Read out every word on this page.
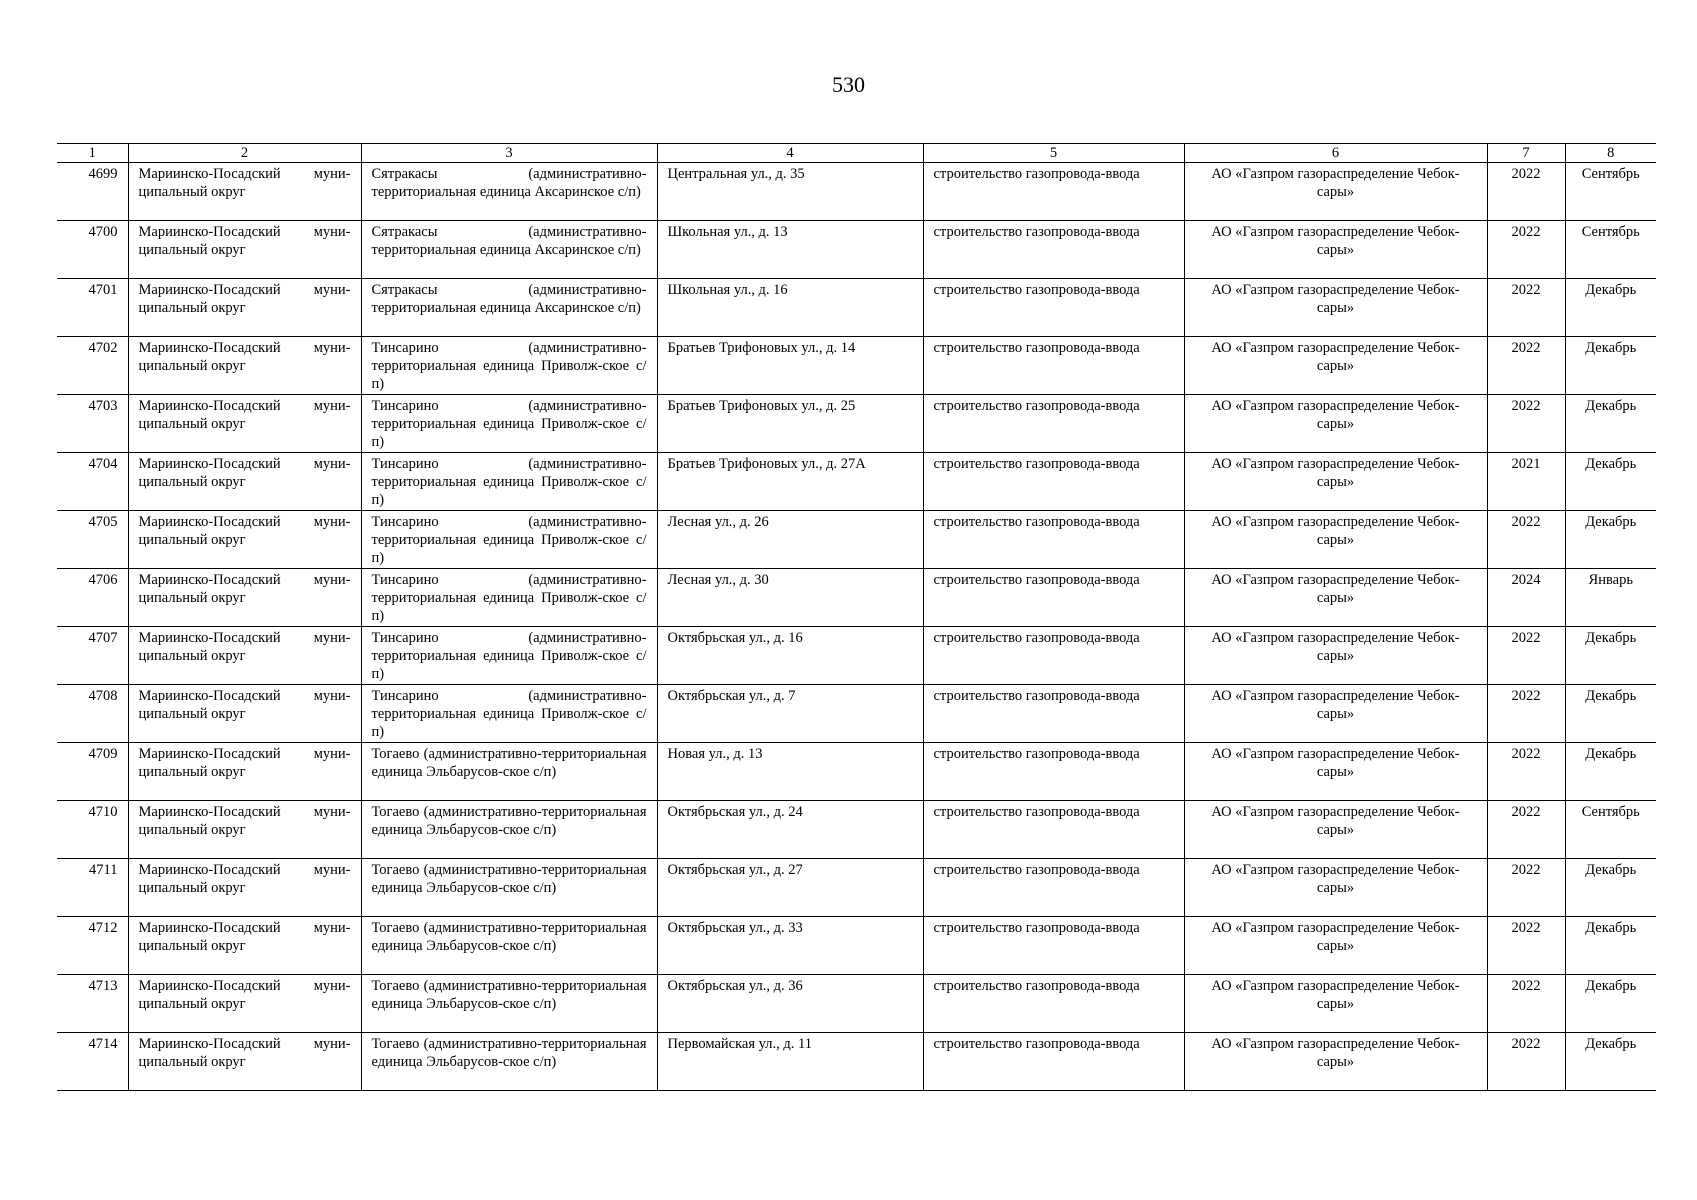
530
1	2	3	4	5	6	7	8
4699	Мариинско-Посадский муни-ципальный округ	Сятракасы (административно-территориальная единица Аксаринское с/п)	Центральная ул., д. 35	строительство газопровода-ввода	АО «Газпром газораспределение Чебок-сары»	2022	Сентябрь
4700	Мариинско-Посадский муни-ципальный округ	Сятракасы (административно-территориальная единица Аксаринское с/п)	Школьная ул., д. 13	строительство газопровода-ввода	АО «Газпром газораспределение Чебок-сары»	2022	Сентябрь
4701	Мариинско-Посадский муни-ципальный округ	Сятракасы (административно-территориальная единица Аксаринское с/п)	Школьная ул., д. 16	строительство газопровода-ввода	АО «Газпром газораспределение Чебок-сары»	2022	Декабрь
4702	Мариинско-Посадский муни-ципальный округ	Тинсарино (административно-территориальная единица Приволж-ское с/п)	Братьев Трифоновых ул., д. 14	строительство газопровода-ввода	АО «Газпром газораспределение Чебок-сары»	2022	Декабрь
4703	Мариинско-Посадский муни-ципальный округ	Тинсарино (административно-территориальная единица Приволж-ское с/п)	Братьев Трифоновых ул., д. 25	строительство газопровода-ввода	АО «Газпром газораспределение Чебок-сары»	2022	Декабрь
4704	Мариинско-Посадский муни-ципальный округ	Тинсарино (административно-территориальная единица Приволж-ское с/п)	Братьев Трифоновых ул., д. 27А	строительство газопровода-ввода	АО «Газпром газораспределение Чебок-сары»	2021	Декабрь
4705	Мариинско-Посадский муни-ципальный округ	Тинсарино (административно-территориальная единица Приволж-ское с/п)	Лесная ул., д. 26	строительство газопровода-ввода	АО «Газпром газораспределение Чебок-сары»	2022	Декабрь
4706	Мариинско-Посадский муни-ципальный округ	Тинсарино (административно-территориальная единица Приволж-ское с/п)	Лесная ул., д. 30	строительство газопровода-ввода	АО «Газпром газораспределение Чебок-сары»	2024	Январь
4707	Мариинско-Посадский муни-ципальный округ	Тинсарино (административно-территориальная единица Приволж-ское с/п)	Октябрьская ул., д. 16	строительство газопровода-ввода	АО «Газпром газораспределение Чебок-сары»	2022	Декабрь
4708	Мариинско-Посадский муни-ципальный округ	Тинсарино (административно-территориальная единица Приволж-ское с/п)	Октябрьская ул., д. 7	строительство газопровода-ввода	АО «Газпром газораспределение Чебок-сары»	2022	Декабрь
4709	Мариинско-Посадский муни-ципальный округ	Тогаево (административно-территориальная единица Эльбарусов-ское с/п)	Новая ул., д. 13	строительство газопровода-ввода	АО «Газпром газораспределение Чебок-сары»	2022	Декабрь
4710	Мариинско-Посадский муни-ципальный округ	Тогаево (административно-территориальная единица Эльбарусов-ское с/п)	Октябрьская ул., д. 24	строительство газопровода-ввода	АО «Газпром газораспределение Чебок-сары»	2022	Сентябрь
4711	Мариинско-Посадский муни-ципальный округ	Тогаево (административно-территориальная единица Эльбарусов-ское с/п)	Октябрьская ул., д. 27	строительство газопровода-ввода	АО «Газпром газораспределение Чебок-сары»	2022	Декабрь
4712	Мариинско-Посадский муни-ципальный округ	Тогаево (административно-территориальная единица Эльбарусов-ское с/п)	Октябрьская ул., д. 33	строительство газопровода-ввода	АО «Газпром газораспределение Чебок-сары»	2022	Декабрь
4713	Мариинско-Посадский муни-ципальный округ	Тогаево (административно-территориальная единица Эльбарусов-ское с/п)	Октябрьская ул., д. 36	строительство газопровода-ввода	АО «Газпром газораспределение Чебок-сары»	2022	Декабрь
4714	Мариинско-Посадский муни-ципальный округ	Тогаево (административно-территориальная единица Эльбарусов-ское с/п)	Первомайская ул., д. 11	строительство газопровода-ввода	АО «Газпром газораспределение Чебок-сары»	2022	Декабрь
